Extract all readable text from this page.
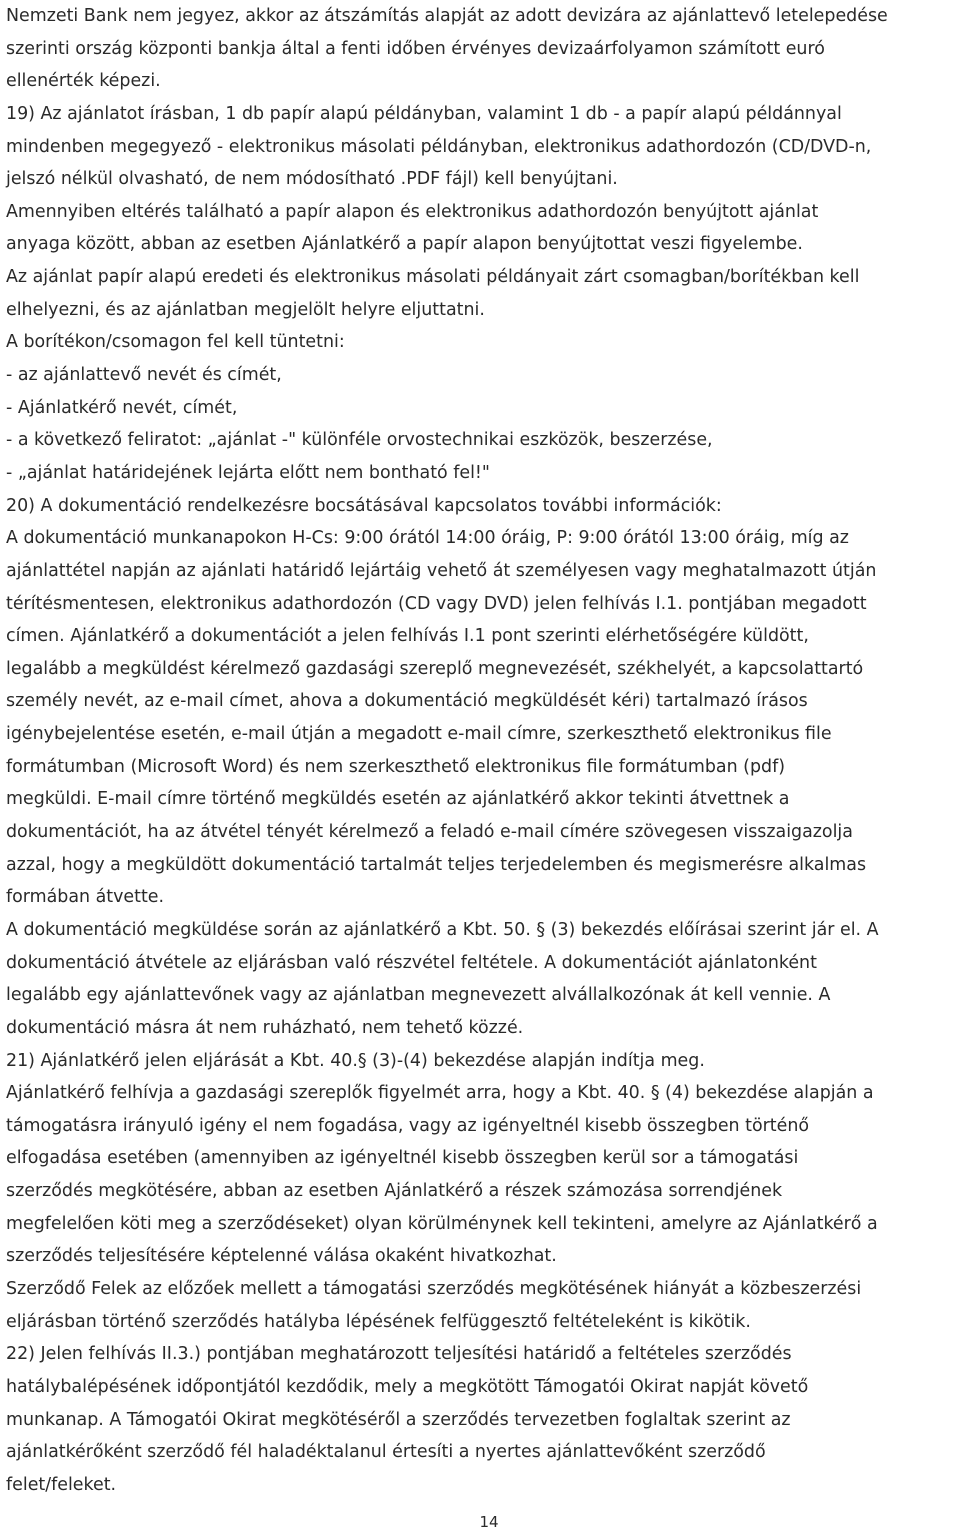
Nemzeti Bank nem jegyez, akkor az átszámítás alapját az adott devizára az ajánlattevő letelepedése
szerinti ország központi bankja által a fenti időben érvényes devizaárfolyamon számított euró
ellenérték képezi.
19) Az ajánlatot írásban, 1 db papír alapú példányban, valamint 1 db - a papír alapú példánnyal
mindenben megegyező - elektronikus másolati példányban, elektronikus adathordozón (CD/DVD-n,
jelszó nélkül olvasható, de nem módosítható .PDF fájl) kell benyújtani.
Amennyiben eltérés található a papír alapon és elektronikus adathordozón benyújtott ajánlat
anyaga között, abban az esetben Ajánlatkérő a papír alapon benyújtottat veszi figyelembe.
Az ajánlat papír alapú eredeti és elektronikus másolati példányait zárt csomagban/borítékban kell
elhelyezni, és az ajánlatban megjelölt helyre eljuttatni.
A borítékon/csomagon fel kell tüntetni:
- az ajánlattevő nevét és címét,
- Ajánlatkérő nevét, címét,
- a következő feliratot: „ajánlat -" különféle orvostechnikai eszközök, beszerzése,
- „ajánlat határidejének lejárta előtt nem bontható fel!"
20) A dokumentáció rendelkezésre bocsátásával kapcsolatos további információk:
A dokumentáció munkanapokon H-Cs: 9:00 órától 14:00 óráig, P: 9:00 órától 13:00 óráig, míg az
ajánlattétel napján az ajánlati határidő lejártáig vehető át személyesen vagy meghatalmazott útján
térítésmentesen, elektronikus adathordozón (CD vagy DVD) jelen felhívás I.1. pontjában megadott
címen. Ajánlatkérő a dokumentációt a jelen felhívás I.1 pont szerinti elérhetőségére küldött,
legalább a megküldést kérelmező gazdasági szereplő megnevezését, székhelyét, a kapcsolattartó
személy nevét, az e-mail címet, ahova a dokumentáció megküldését kéri) tartalmazó írásos
igénybejelentése esetén, e-mail útján a megadott e-mail címre, szerkeszthető elektronikus file
formátumban (Microsoft Word) és nem szerkeszthető elektronikus file formátumban (pdf)
megküldi. E-mail címre történő megküldés esetén az ajánlatkérő akkor tekinti átvettnek a
dokumentációt, ha az átvétel tényét kérelmező a feladó e-mail címére szövegesen visszaigazolja
azzal, hogy a megküldött dokumentáció tartalmát teljes terjedelemben és megismerésre alkalmas
formában átvette.
A dokumentáció megküldése során az ajánlatkérő a Kbt. 50. § (3) bekezdés előírásai szerint jár el. A
dokumentáció átvétele az eljárásban való részvétel feltétele. A dokumentációt ajánlatonként
legalább egy ajánlattevőnek vagy az ajánlatban megnevezett alvállalkozónak át kell vennie. A
dokumentáció másra át nem ruházható, nem tehető közzé.
21) Ajánlatkérő jelen eljárását a Kbt. 40.§ (3)-(4) bekezdése alapján indítja meg.
Ajánlatkérő felhívja a gazdasági szereplők figyelmét arra, hogy a Kbt. 40. § (4) bekezdése alapján a
támogatásra irányuló igény el nem fogadása, vagy az igényeltnél kisebb összegben történő
elfogadása esetében (amennyiben az igényeltnél kisebb összegben kerül sor a támogatási
szerződés megkötésére, abban az esetben Ajánlatkérő a részek számozása sorrendjének
megfelelően köti meg a szerződéseket) olyan körülménynek kell tekinteni, amelyre az Ajánlatkérő a
szerződés teljesítésére képtelenné válása okaként hivatkozhat.
Szerződő Felek az előzőek mellett a támogatási szerződés megkötésének hiányát a közbeszerzési
eljárásban történő szerződés hatályba lépésének felfüggesztő feltételeként is kikötik.
22) Jelen felhívás II.3.) pontjában meghatározott teljesítési határidő a feltételes szerződés
hatálybalépésének időpontjától kezdődik, mely a megkötött Támogatói Okirat napját követő
munkanap. A Támogatói Okirat megkötéséről a szerződés tervezetben foglaltak szerint az
ajánlatkérőként szerződő fél haladéktalanul értesíti a nyertes ajánlattevőként szerződő
felet/feleket.
14
